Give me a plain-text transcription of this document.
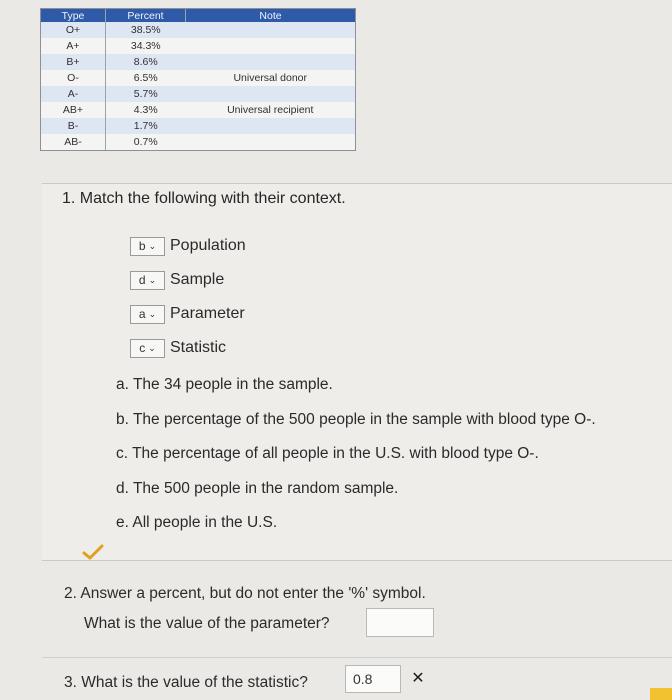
Type	Percent	Note
O+	38.5%	
A+	34.3%	
B+	8.6%	
O-	6.5%	Universal donor
A-	5.7%	
AB+	4.3%	Universal recipient
B-	1.7%	
AB-	0.7%	
1. Match the following with their context.
b ⌄ Population
d ⌄ Sample
a ⌄ Parameter
c ⌄ Statistic
a. The 34 people in the sample.
b. The percentage of the 500 people in the sample with blood type O-.
c. The percentage of all people in the U.S. with blood type O-.
d. The 500 people in the random sample.
e. All people in the U.S.
2. Answer a percent, but do not enter the '%' symbol.
What is the value of the parameter?
3. What is the value of the statistic?	0.8	✕
